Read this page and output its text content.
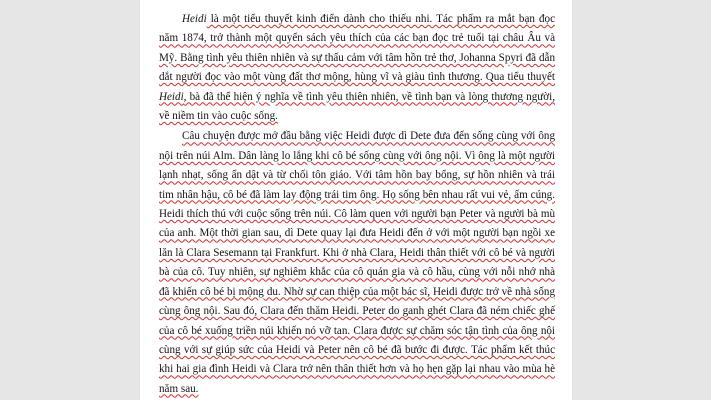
Heidi là một tiểu thuyết kinh điển dành cho thiếu nhi. Tác phẩm ra mắt bạn đọc năm 1874, trở thành một quyển sách yêu thích của các bạn đọc trẻ tuổi tại châu Âu và Mỹ. Bằng tình yêu thiên nhiên và sự thấu cảm với tâm hồn trẻ thơ, Johanna Spyri đã dẫn dắt người đọc vào một vùng đất thơ mộng, hùng vĩ và giàu tình thương. Qua tiểu thuyết Heidi, bà đã thể hiện ý nghĩa về tình yêu thiên nhiên, về tình bạn và lòng thương người, về niềm tin vào cuộc sống.

Câu chuyện được mở đầu bằng việc Heidi được dì Dete đưa đến sống cùng với ông nội trên núi Alm. Dân làng lo lắng khi cô bé sống cùng với ông nội. Vì ông là một người lạnh nhạt, sống ẩn dật và từ chối tôn giáo. Với tâm hồn bay bổng, sự hồn nhiên và trái tim nhân hậu, cô bé đã làm lay động trái tim ông. Họ sống bên nhau rất vui vẻ, ấm cúng. Heidi thích thú với cuộc sống trên núi. Cô làm quen với người bạn Peter và người bà mù của anh. Một thời gian sau, dì Dete quay lại đưa Heidi đến ở với một người bạn ngồi xe lăn là Clara Sesemann tại Frankfurt. Khi ở nhà Clara, Heidi thân thiết với cô bé và người bà của cô. Tuy nhiên, sự nghiêm khắc của cô quản gia và cô hầu, cùng với nỗi nhớ nhà đã khiến cô bé bị mộng du. Nhờ sự can thiệp của một bác sĩ, Heidi được trở về nhà sống cùng ông nội. Sau đó, Clara đến thăm Heidi. Peter do ganh ghét Clara đã ném chiếc ghế của cô bé xuống triền núi khiến nó vỡ tan. Clara được sự chăm sóc tận tình của ông nội cùng với sự giúp sức của Heidi và Peter nên cô bé đã bước đi được. Tác phẩm kết thúc khi hai gia đình Heidi và Clara trở nên thân thiết hơn và họ hẹn gặp lại nhau vào mùa hè năm sau.
